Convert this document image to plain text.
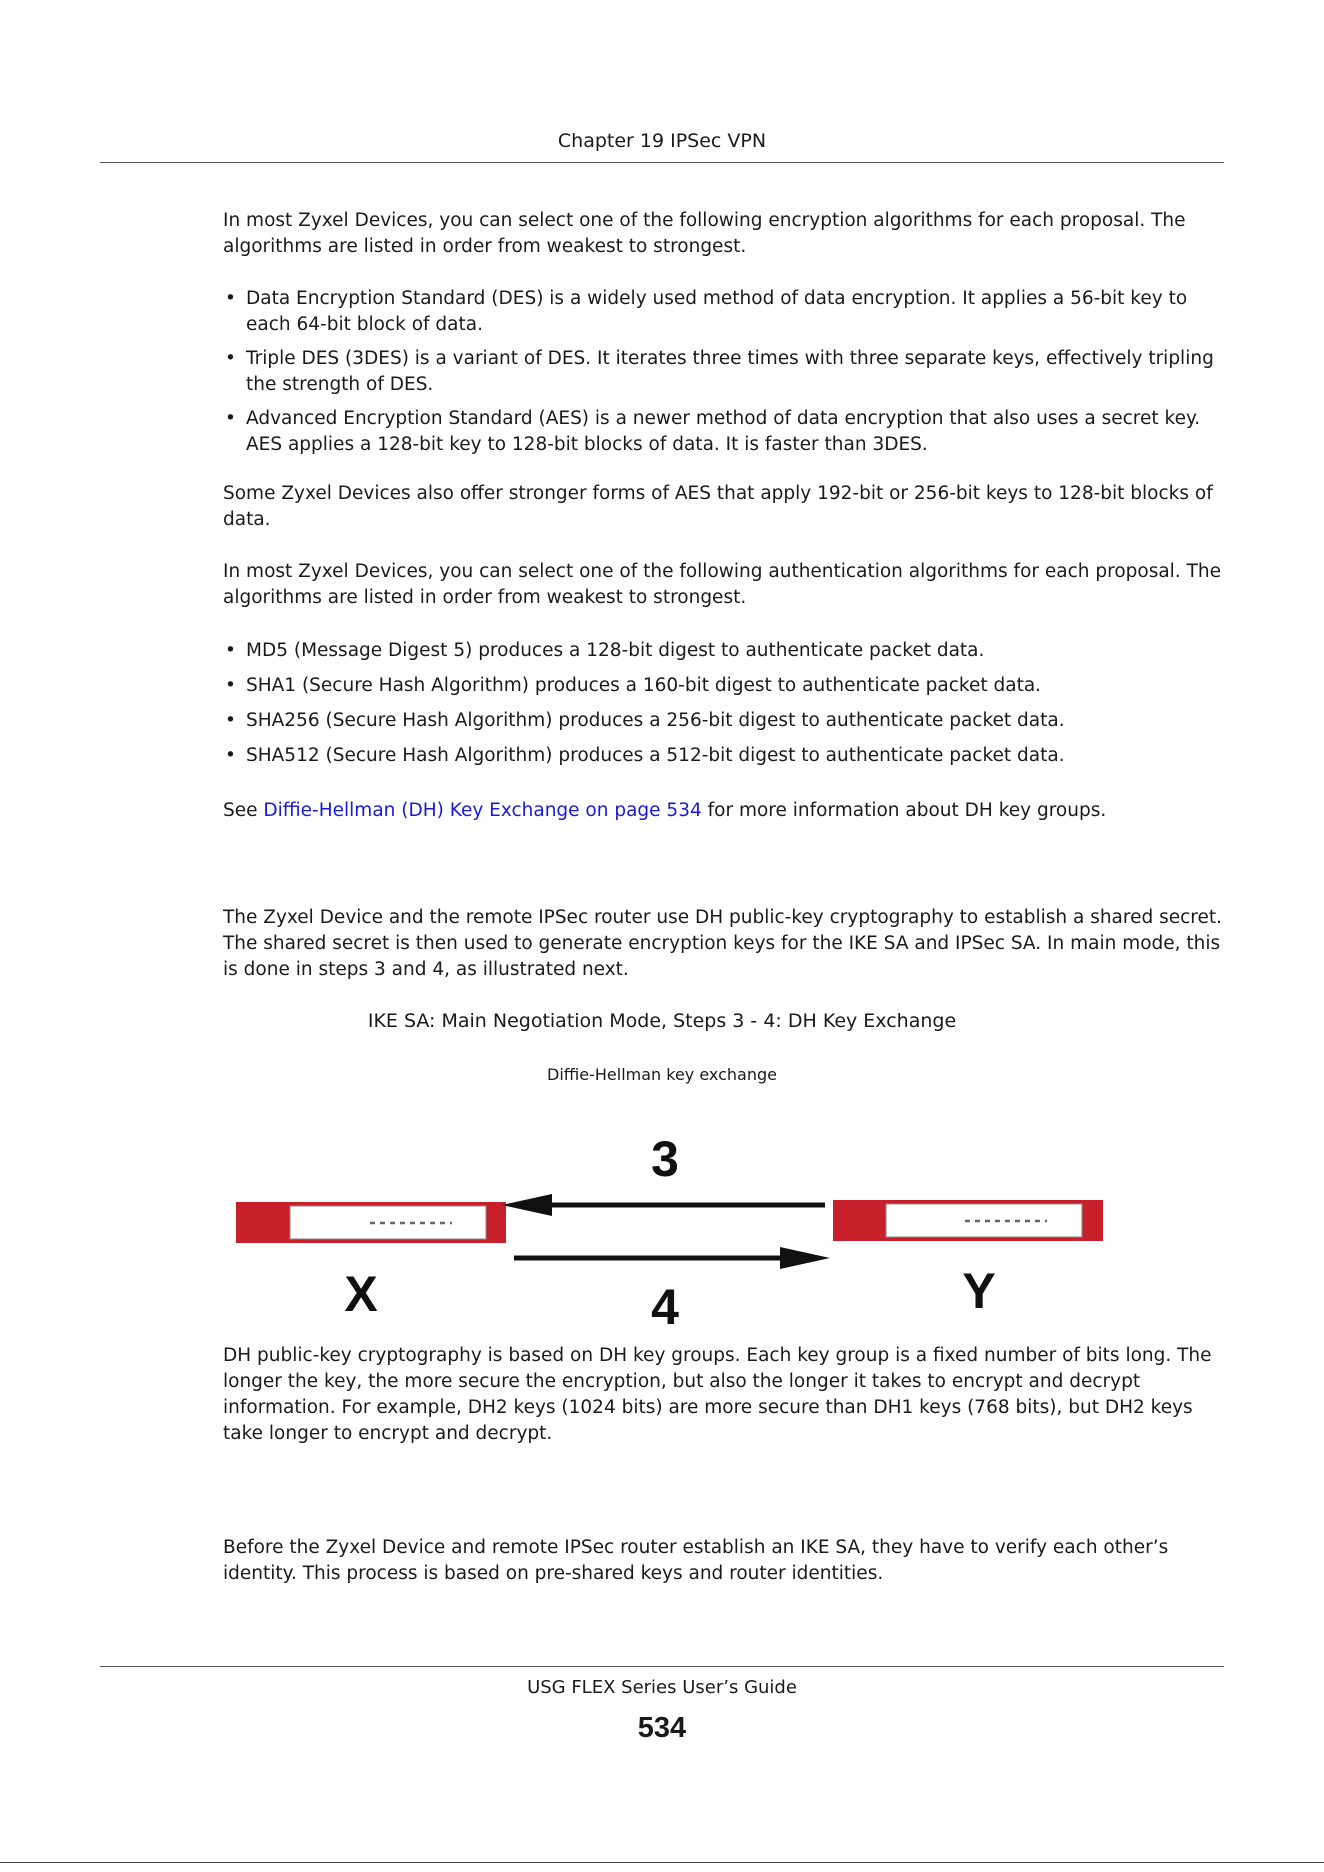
Chapter 19 IPSec VPN

In most Zyxel Devices, you can select one of the following encryption algorithms for each proposal. The algorithms are listed in order from weakest to strongest.

• Data Encryption Standard (DES) is a widely used method of data encryption. It applies a 56-bit key to each 64-bit block of data.
• Triple DES (3DES) is a variant of DES. It iterates three times with three separate keys, effectively tripling the strength of DES.
• Advanced Encryption Standard (AES) is a newer method of data encryption that also uses a secret key. AES applies a 128-bit key to 128-bit blocks of data. It is faster than 3DES.

Some Zyxel Devices also offer stronger forms of AES that apply 192-bit or 256-bit keys to 128-bit blocks of data.

In most Zyxel Devices, you can select one of the following authentication algorithms for each proposal. The algorithms are listed in order from weakest to strongest.

• MD5 (Message Digest 5) produces a 128-bit digest to authenticate packet data.
• SHA1 (Secure Hash Algorithm) produces a 160-bit digest to authenticate packet data.
• SHA256 (Secure Hash Algorithm) produces a 256-bit digest to authenticate packet data.
• SHA512 (Secure Hash Algorithm) produces a 512-bit digest to authenticate packet data.

See Diffie-Hellman (DH) Key Exchange on page 534 for more information about DH key groups.

The Zyxel Device and the remote IPSec router use DH public-key cryptography to establish a shared secret. The shared secret is then used to generate encryption keys for the IKE SA and IPSec SA. In main mode, this is done in steps 3 and 4, as illustrated next.

IKE SA: Main Negotiation Mode, Steps 3 - 4: DH Key Exchange
Diffie-Hellman key exchange
3
4
X	Y

DH public-key cryptography is based on DH key groups. Each key group is a fixed number of bits long. The longer the key, the more secure the encryption, but also the longer it takes to encrypt and decrypt information. For example, DH2 keys (1024 bits) are more secure than DH1 keys (768 bits), but DH2 keys take longer to encrypt and decrypt.

Before the Zyxel Device and remote IPSec router establish an IKE SA, they have to verify each other’s identity. This process is based on pre-shared keys and router identities.

USG FLEX Series User’s Guide
534
